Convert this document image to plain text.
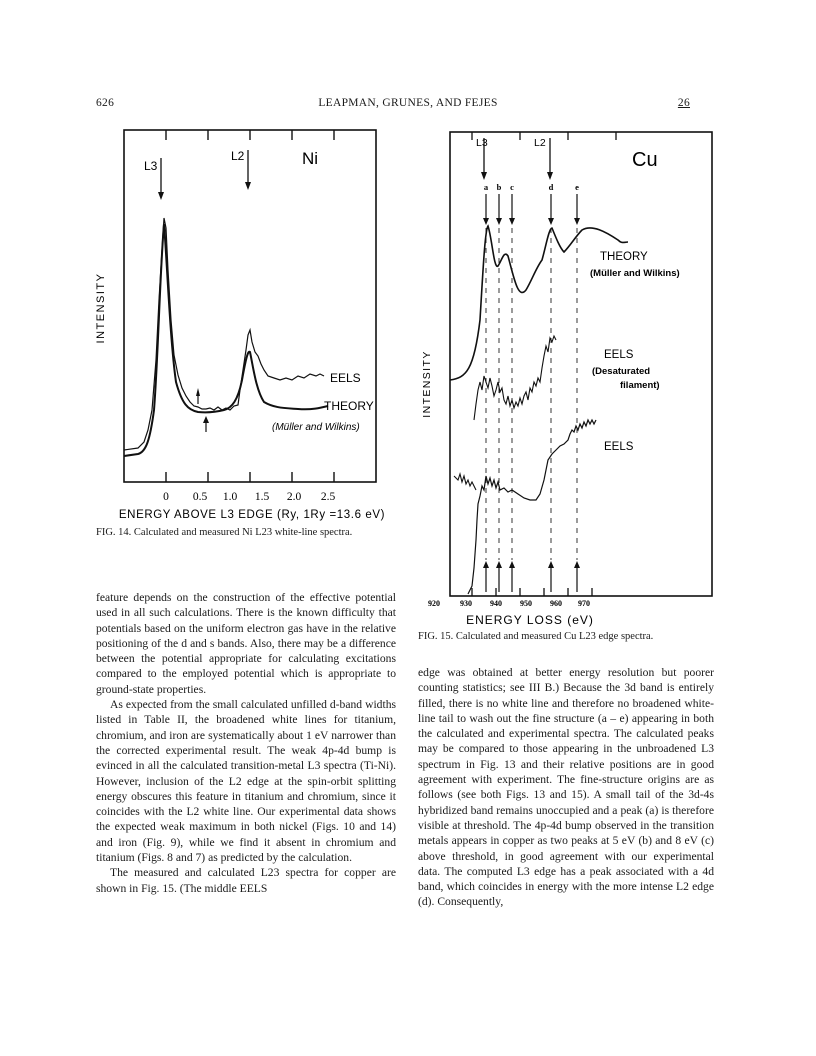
626	LEAPMAN, GRUNES, AND FEJES	26
L3
L2	Ni
INTENSITY
EELS
THEORY
(Müller and Wilkins)
0 0.5 1.0 1.5 2.0 2.5
ENERGY ABOVE L3 EDGE (Ry, 1Ry =13.6 eV)
FIG. 14. Calculated and measured Ni L23 white-line spectra.
L3	L2
Cu
a b c	d	e
INTENSITY
THEORY
(Müller and Wilkins)
EELS
(Desaturated
filament)
EELS
920	930 940 950 960 970
ENERGY LOSS (eV)
FIG. 15. Calculated and measured Cu L23 edge spectra.

feature depends on the construction of the effective potential used in all such calculations. There is the known difficulty that potentials based on the uniform electron gas have in the relative positioning of the d and s bands. Also, there may be a difference between the potential appropriate for calculating excitations compared to the employed potential which is appropriate to ground-state properties.

As expected from the small calculated unfilled d-band widths listed in Table II, the broadened white lines for titanium, chromium, and iron are systematically about 1 eV narrower than the corrected experimental result. The weak 4p-4d bump is evinced in all the calculated transition-metal L3 spectra (Ti-Ni). However, inclusion of the L2 edge at the spin-orbit splitting energy obscures this feature in titanium and chromium, since it coincides with the L2 white line. Our experimental data shows the expected weak maximum in both nickel (Figs. 10 and 14) and iron (Fig. 9), while we find it absent in chromium and titanium (Figs. 8 and 7) as predicted by the calculation.

The measured and calculated L23 spectra for copper are shown in Fig. 15. (The middle EELS

edge was obtained at better energy resolution but poorer counting statistics; see III B.) Because the 3d band is entirely filled, there is no white line and therefore no broadened white-line tail to wash out the fine structure (a – e) appearing in both the calculated and experimental spectra. The calculated peaks may be compared to those appearing in the unbroadened L3 spectrum in Fig. 13 and their relative positions are in good agreement with experiment. The fine-structure origins are as follows (see both Figs. 13 and 15). A small tail of the 3d-4s hybridized band remains unoccupied and a peak (a) is therefore visible at threshold. The 4p-4d bump observed in the transition metals appears in copper as two peaks at 5 eV (b) and 8 eV (c) above threshold, in good agreement with our experimental data. The computed L3 edge has a peak associated with a 4d band, which coincides in energy with the more intense L2 edge (d). Consequently,
